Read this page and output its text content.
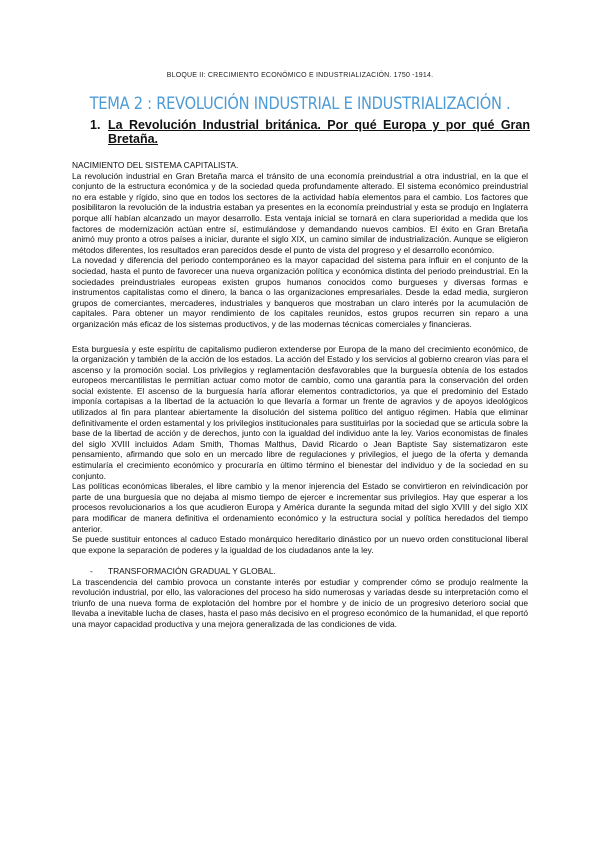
BLOQUE II: CRECIMIENTO ECONÓMICO E INDUSTRIALIZACIÓN. 1750 -1914.
TEMA 2 : REVOLUCIÓN INDUSTRIAL E INDUSTRIALIZACIÓN .
1. La Revolución Industrial británica. Por qué Europa y por qué Gran Bretaña.

NACIMIENTO DEL SISTEMA CAPITALISTA.

La revolución industrial en Gran Bretaña marca el tránsito de una economía preindustrial a otra industrial, en la que el conjunto de la estructura económica y de la sociedad queda profundamente alterado. El sistema económico preindustrial no era estable y rígido, sino que en todos los sectores de la actividad había elementos para el cambio. Los factores que posibilitaron la revolución de la industria estaban ya presentes en la economía preindustrial y esta se produjo en Inglaterra porque allí habían alcanzado un mayor desarrollo. Esta ventaja inicial se tornará en clara superioridad a medida que los factores de modernización actúan entre sí, estimulándose y demandando nuevos cambios. El éxito en Gran Bretaña animó muy pronto a otros países a iniciar, durante el siglo XIX, un camino similar de industrialización. Aunque se eligieron métodos diferentes, los resultados eran parecidos desde el punto de vista del progreso y el desarrollo económico.

La novedad y diferencia del periodo contemporáneo es la mayor capacidad del sistema para influir en el conjunto de la sociedad, hasta el punto de favorecer una nueva organización política y económica distinta del periodo preindustrial. En la sociedades preindustriales europeas existen grupos humanos conocidos como burgueses y diversas formas e instrumentos capitalistas como el dinero, la banca o las organizaciones empresariales. Desde la edad media, surgieron grupos de comerciantes, mercaderes, industriales y banqueros que mostraban un claro interés por la acumulación de capitales. Para obtener un mayor rendimiento de los capitales reunidos, estos grupos recurren sin reparo a una organización más eficaz de los sistemas productivos, y de las modernas técnicas comerciales y financieras.

Esta burguesía y este espíritu de capitalismo pudieron extenderse por Europa de la mano del crecimiento económico, de la organización y también de la acción de los estados. La acción del Estado y los servicios al gobierno crearon vías para el ascenso y la promoción social. Los privilegios y reglamentación desfavorables que la burguesía obtenía de los estados europeos mercantilistas le permitían actuar como motor de cambio, como una garantía para la conservación del orden social existente. El ascenso de la burguesía haría aflorar elementos contradictorios, ya que el predominio del Estado imponía cortapisas a la libertad de la actuación lo que llevaría a formar un frente de agravios y de apoyos ideológicos utilizados al fin para plantear abiertamente la disolución del sistema político del antiguo régimen. Había que eliminar definitivamente el orden estamental y los privilegios institucionales para sustituirlas por la sociedad que se articula sobre la base de la libertad de acción y de derechos, junto con la igualdad del individuo ante la ley. Varios economistas de finales del siglo XVIII incluidos Adam Smith, Thomas Malthus, David Ricardo o Jean Baptiste Say sistematizaron este pensamiento, afirmando que solo en un mercado libre de regulaciones y privilegios, el juego de la oferta y demanda estimularía el crecimiento económico y procuraría en último término el bienestar del individuo y de la sociedad en su conjunto.

Las políticas económicas liberales, el libre cambio y la menor injerencia del Estado se convirtieron en reivindicación por parte de una burguesía que no dejaba al mismo tiempo de ejercer e incrementar sus privilegios. Hay que esperar a los procesos revolucionarios a los que acudieron Europa y América durante la segunda mitad del siglo XVIII y del siglo XIX para modificar de manera definitiva el ordenamiento económico y la estructura social y política heredados del tiempo anterior.

Se puede sustituir entonces al caduco Estado monárquico hereditario dinástico por un nuevo orden constitucional liberal que expone la separación de poderes y la igualdad de los ciudadanos ante la ley.

- TRANSFORMACIÓN GRADUAL Y GLOBAL.

La trascendencia del cambio provoca un constante interés por estudiar y comprender cómo se produjo realmente la revolución industrial, por ello, las valoraciones del proceso ha sido numerosas y variadas desde su interpretación como el triunfo de una nueva forma de explotación del hombre por el hombre y de inicio de un progresivo deterioro social que llevaba a inevitable lucha de clases, hasta el paso más decisivo en el progreso económico de la humanidad, el que reportó una mayor capacidad productiva y una mejora generalizada de las condiciones de vida.
